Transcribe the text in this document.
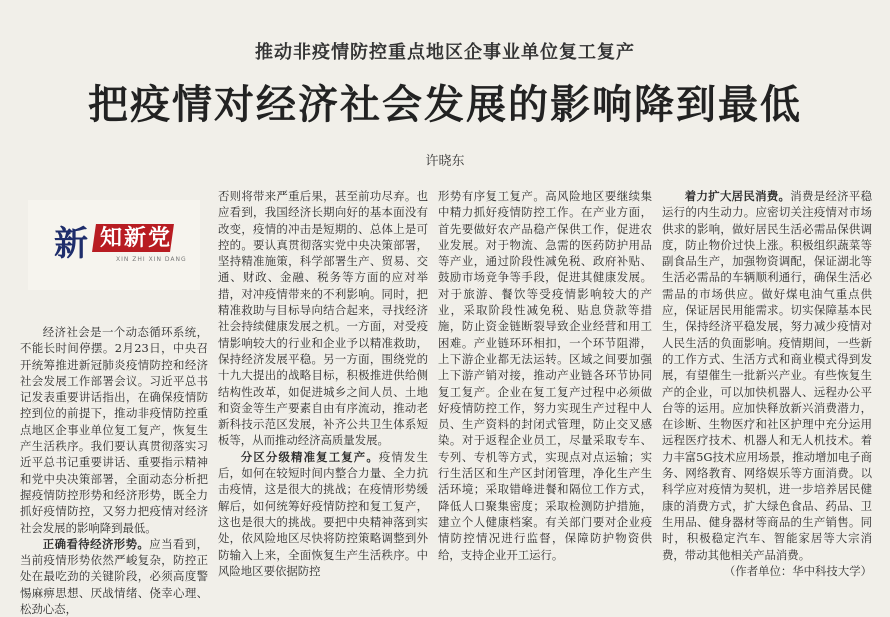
推动非疫情防控重点地区企事业单位复工复产
把疫情对经济社会发展的影响降到最低
许晓东
新 知新党
XIN ZHI XIN DANG

经济社会是一个动态循环系统，不能长时间停摆。2月23日，中央召开统筹推进新冠肺炎疫情防控和经济社会发展工作部署会议。习近平总书记发表重要讲话指出，在确保疫情防控到位的前提下，推动非疫情防控重点地区企事业单位复工复产，恢复生产生活秩序。我们要认真贯彻落实习近平总书记重要讲话、重要指示精神和党中央决策部署，全面动态分析把握疫情防控形势和经济形势，既全力抓好疫情防控，又努力把疫情对经济社会发展的影响降到最低。

正确看待经济形势。应当看到，当前疫情形势依然严峻复杂，防控正处在最吃劲的关键阶段，必须高度警惕麻痹思想、厌战情绪、侥幸心理、松劲心态，

否则将带来严重后果，甚至前功尽弃。也应看到，我国经济长期向好的基本面没有改变，疫情的冲击是短期的、总体上是可控的。要认真贯彻落实党中央决策部署，坚持精准施策，科学部署生产、贸易、交通、财政、金融、税务等方面的应对举措，对冲疫情带来的不利影响。同时，把精准救助与目标导向结合起来，寻找经济社会持续健康发展之机。一方面，对受疫情影响较大的行业和企业予以精准救助，保持经济发展平稳。另一方面，围绕党的十九大提出的战略目标，积极推进供给侧结构性改革，如促进城乡之间人员、土地和资金等生产要素自由有序流动，推动老新科技示范区发展，补齐公共卫生体系短板等，从而推动经济高质量发展。

分区分级精准复工复产。疫情发生后，如何在较短时间内整合力量、全力抗击疫情，这是很大的挑战；在疫情形势缓解后，如何统筹好疫情防控和复工复产，这也是很大的挑战。要把中央精神落到实处，依风险地区尽快将防控策略调整到外防输入上来，全面恢复生产生活秩序。中风险地区要依据防控

形势有序复工复产。高风险地区要继续集中精力抓好疫情防控工作。在产业方面，首先要做好农产品稳产保供工作，促进农业发展。对于物流、急需的医药防护用品等产业，通过阶段性减免税、政府补贴、鼓励市场竞争等手段，促进其健康发展。对于旅游、餐饮等受疫情影响较大的产业，采取阶段性减免税、贴息贷款等措施，防止资金链断裂导致企业经营和用工困难。产业链环环相扣，一个环节阻滞，上下游企业都无法运转。区域之间要加强上下游产销对接，推动产业链各环节协同复工复产。企业在复工复产过程中必须做好疫情防控工作，努力实现生产过程中人员、生产资料的封闭式管理，防止交叉感染。对于返程企业员工，尽量采取专车、专列、专机等方式，实现点对点运输；实行生活区和生产区封闭管理，净化生产生活环境；采取错峰进餐和隔位工作方式，降低人口聚集密度；采取检测防护措施，建立个人健康档案。有关部门要对企业疫情防控情况进行监督，保障防护物资供给，支持企业开工运行。

着力扩大居民消费。消费是经济平稳运行的内生动力。应密切关注疫情对市场供求的影响，做好居民生活必需品保供调度，防止物价过快上涨。积极组织蔬菜等副食品生产，加强物资调配，保证湖北等生活必需品的车辆顺利通行，确保生活必需品的市场供应。做好煤电油气重点供应，保证居民用能需求。切实保障基本民生，保持经济平稳发展，努力减少疫情对人民生活的负面影响。疫情期间，一些新的工作方式、生活方式和商业模式得到发展，有望催生一批新兴产业。有些恢复生产的企业，可以加快机器人、远程办公平台等的运用。应加快释放新兴消费潜力，在诊断、生物医疗和社区护理中充分运用远程医疗技术、机器人和无人机技术。着力丰富5G技术应用场景，推动增加电子商务、网络教育、网络娱乐等方面消费。以科学应对疫情为契机，进一步培养居民健康的消费方式，扩大绿色食品、药品、卫生用品、健身器材等商品的生产销售。同时，积极稳定汽车、智能家居等大宗消费，带动其他相关产品消费。

（作者单位：华中科技大学）
